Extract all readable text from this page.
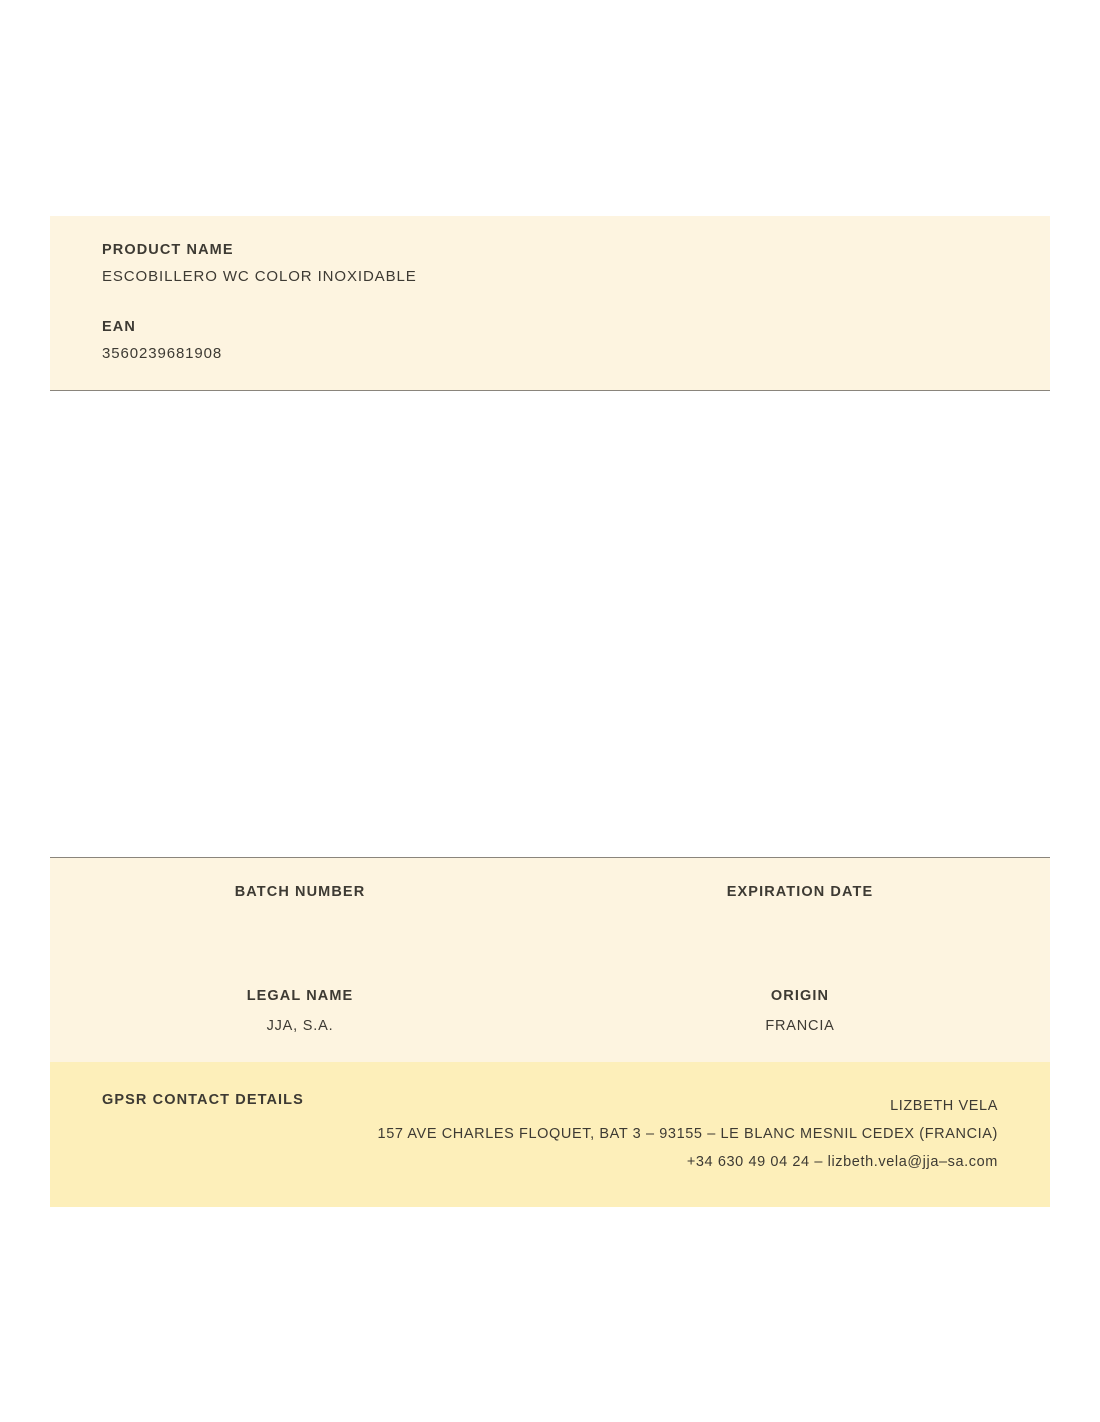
PRODUCT NAME

ESCOBILLERO WC COLOR INOXIDABLE

EAN

3560239681908

BATCH NUMBER	EXPIRATION DATE

LEGAL NAME

JJA, S.A.

ORIGIN

FRANCIA

GPSR CONTACT DETAILS	LIZBETH VELA
157 AVE CHARLES FLOQUET, BAT 3 – 93155 – LE BLANC MESNIL CEDEX (FRANCIA)
+34 630 49 04 24 – lizbeth.vela@jja–sa.com
